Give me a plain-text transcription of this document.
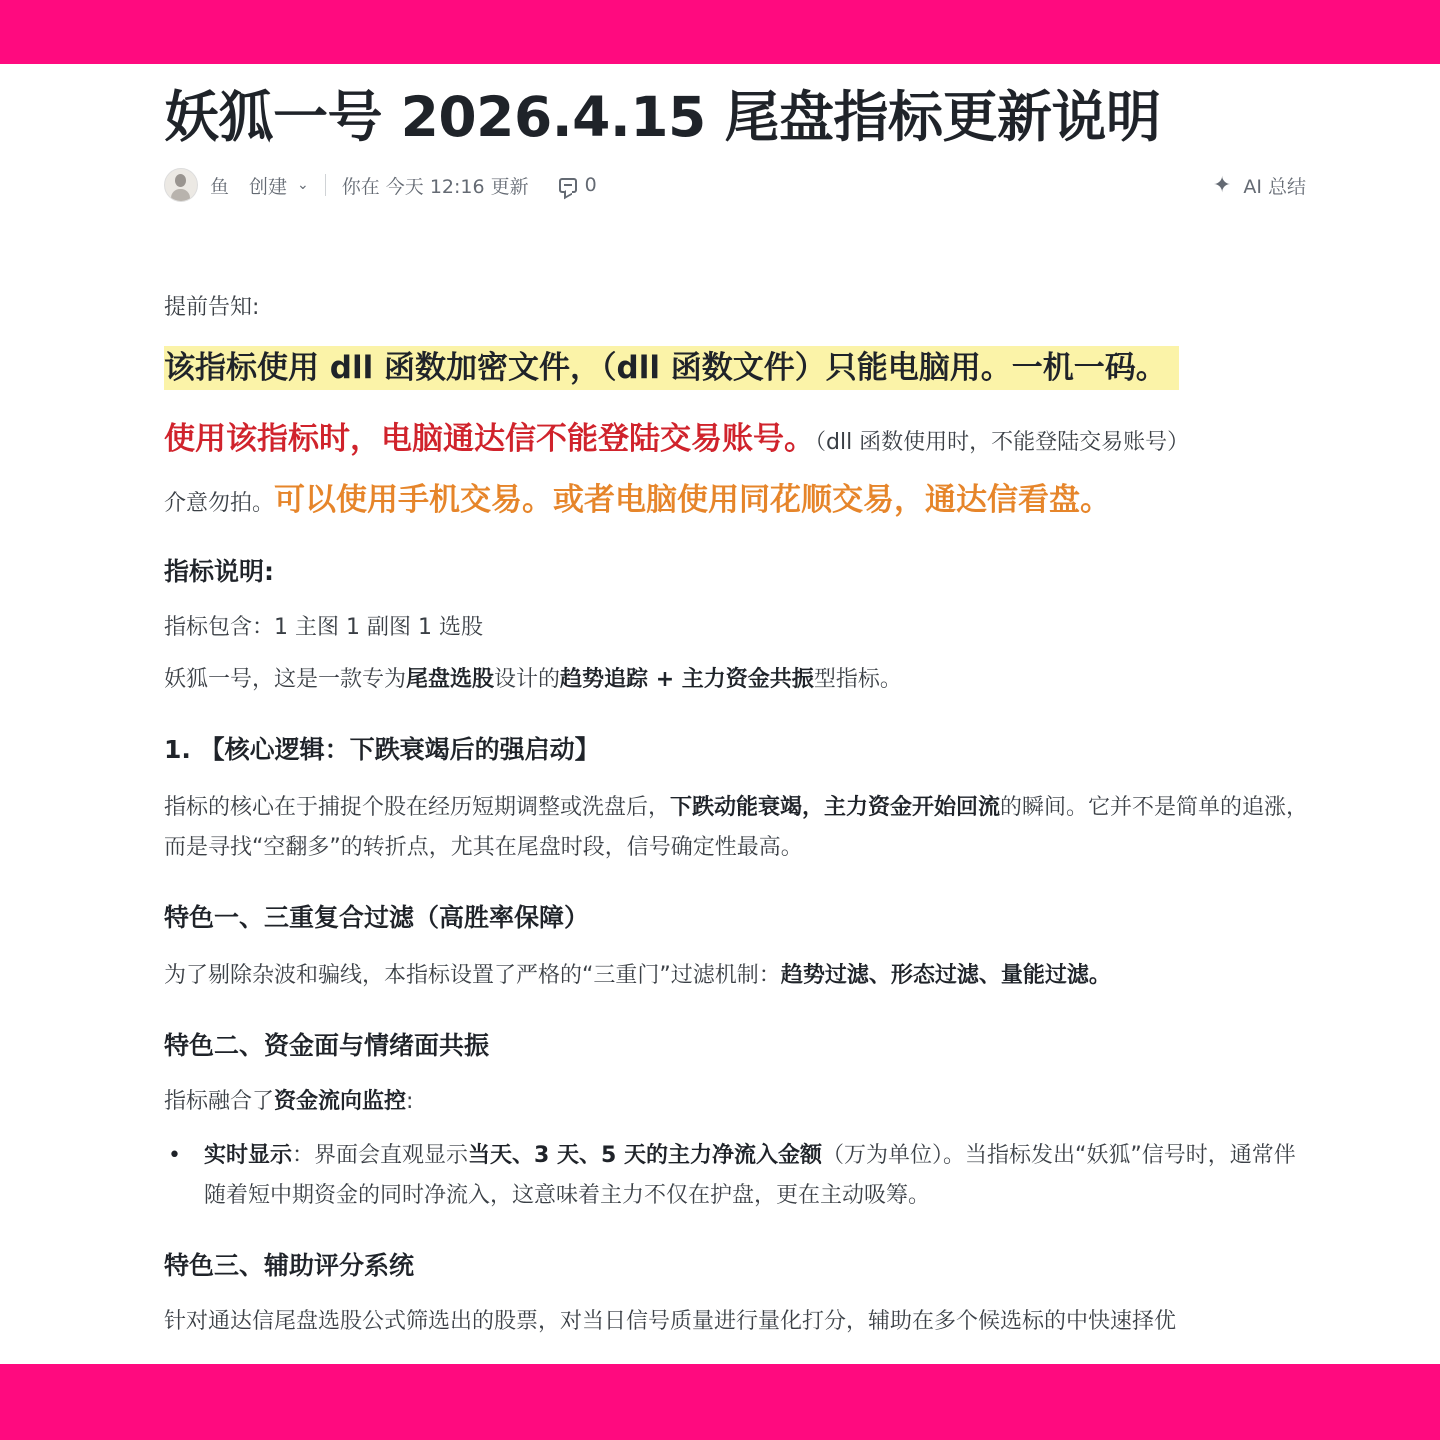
妖狐一号 2026.4.15 尾盘指标更新说明
鱼 创建 ⌄ 你在 今天 12:16 更新	0	✦ AI 总结

提前告知:

该指标使用 dll 函数加密文件，（dll 函数文件）只能电脑用。一机一码。
使用该指标时，电脑通达信不能登陆交易账号。（dll 函数使用时，不能登陆交易账号）
介意勿拍。可以使用手机交易。或者电脑使用同花顺交易，通达信看盘。

指标说明:

指标包含：1 主图 1 副图 1 选股

妖狐一号，这是一款专为尾盘选股设计的趋势追踪 + 主力资金共振型指标。

1. 【核心逻辑：下跌衰竭后的强启动】

指标的核心在于捕捉个股在经历短期调整或洗盘后，下跌动能衰竭，主力资金开始回流的瞬间。它并不是简单的追涨，而是寻找“空翻多”的转折点，尤其在尾盘时段，信号确定性最高。

特色一、三重复合过滤（高胜率保障）

为了剔除杂波和骗线，本指标设置了严格的“三重门”过滤机制：趋势过滤、形态过滤、量能过滤。

特色二、资金面与情绪面共振

指标融合了资金流向监控:

•	实时显示：界面会直观显示当天、3 天、5 天的主力净流入金额（万为单位）。当指标发出“妖狐”信号时，通常伴随着短中期资金的同时净流入，这意味着主力不仅在护盘，更在主动吸筹。

特色三、辅助评分系统

针对通达信尾盘选股公式筛选出的股票，对当日信号质量进行量化打分，辅助在多个候选标的中快速择优
